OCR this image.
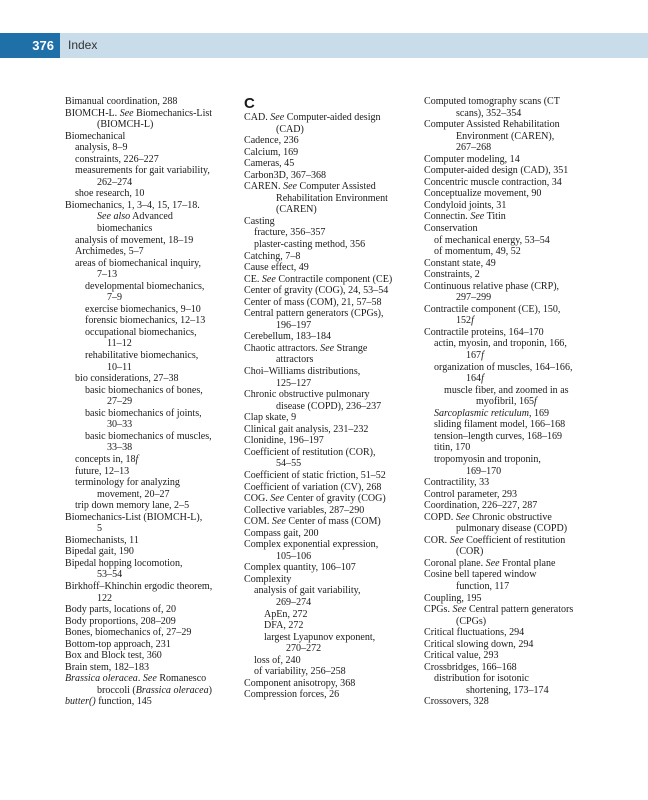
376	Index
Bimanual coordination, 288
BIOMCH-L. See Biomechanics-List
(BIOMCH-L)
Biomechanical
analysis, 8–9
constraints, 226–227
measurements for gait variability,
262–274
shoe research, 10
Biomechanics, 1, 3–4, 15, 17–18.
See also Advanced
biomechanics
analysis of movement, 18–19
Archimedes, 5–7
areas of biomechanical inquiry,
7–13
developmental biomechanics,
7–9
exercise biomechanics, 9–10
forensic biomechanics, 12–13
occupational biomechanics,
11–12
rehabilitative biomechanics,
10–11
bio considerations, 27–38
basic biomechanics of bones,
27–29
basic biomechanics of joints,
30–33
basic biomechanics of muscles,
33–38
concepts in, 18f
future, 12–13
terminology for analyzing
movement, 20–27
trip down memory lane, 2–5
Biomechanics-List (BIOMCH-L),
5
Biomechanists, 11
Bipedal gait, 190
Bipedal hopping locomotion,
53–54
Birkhoff–Khinchin ergodic theorem,
122
Body parts, locations of, 20
Body proportions, 208–209
Bones, biomechanics of, 27–29
Bottom-top approach, 231
Box and Block test, 360
Brain stem, 182–183
Brassica oleracea. See Romanesco
broccoli (Brassica oleracea)
butter() function, 145
C
CAD. See Computer-aided design
(CAD)
Cadence, 236
Calcium, 169
Cameras, 45
Carbon3D, 367–368
CAREN. See Computer Assisted
Rehabilitation Environment
(CAREN)
Casting
fracture, 356–357
plaster-casting method, 356
Catching, 7–8
Cause effect, 49
CE. See Contractile component (CE)
Center of gravity (COG), 24, 53–54
Center of mass (COM), 21, 57–58
Central pattern generators (CPGs),
196–197
Cerebellum, 183–184
Chaotic attractors. See Strange
attractors
Choi–Williams distributions,
125–127
Chronic obstructive pulmonary
disease (COPD), 236–237
Clap skate, 9
Clinical gait analysis, 231–232
Clonidine, 196–197
Coefficient of restitution (COR),
54–55
Coefficient of static friction, 51–52
Coefficient of variation (CV), 268
COG. See Center of gravity (COG)
Collective variables, 287–290
COM. See Center of mass (COM)
Compass gait, 200
Complex exponential expression,
105–106
Complex quantity, 106–107
Complexity
analysis of gait variability,
269–274
ApEn, 272
DFA, 272
largest Lyapunov exponent,
270–272
loss of, 240
of variability, 256–258
Component anisotropy, 368
Compression forces, 26
Computed tomography scans (CT
scans), 352–354
Computer Assisted Rehabilitation
Environment (CAREN),
267–268
Computer modeling, 14
Computer-aided design (CAD), 351
Concentric muscle contraction, 34
Conceptualize movement, 90
Condyloid joints, 31
Connectin. See Titin
Conservation
of mechanical energy, 53–54
of momentum, 49, 52
Constant state, 49
Constraints, 2
Continuous relative phase (CRP),
297–299
Contractile component (CE), 150,
152f
Contractile proteins, 164–170
actin, myosin, and troponin, 166,
167f
organization of muscles, 164–166,
164f
muscle fiber, and zoomed in as
myofibril, 165f
Sarcoplasmic reticulum, 169
sliding filament model, 166–168
tension–length curves, 168–169
titin, 170
tropomyosin and troponin,
169–170
Contractility, 33
Control parameter, 293
Coordination, 226–227, 287
COPD. See Chronic obstructive
pulmonary disease (COPD)
COR. See Coefficient of restitution
(COR)
Coronal plane. See Frontal plane
Cosine bell tapered window
function, 117
Coupling, 195
CPGs. See Central pattern generators
(CPGs)
Critical fluctuations, 294
Critical slowing down, 294
Critical value, 293
Crossbridges, 166–168
distribution for isotonic
shortening, 173–174
Crossovers, 328
